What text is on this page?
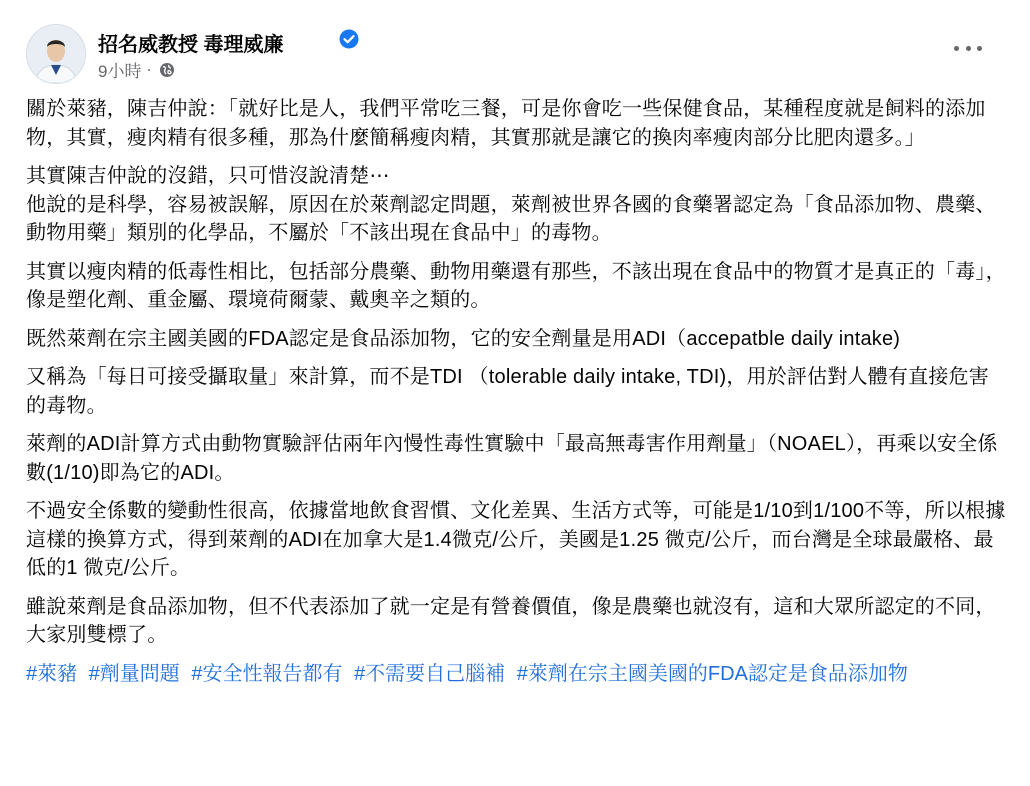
招名威教授 毒理威廉
9小時 ·

關於萊豬，陳吉仲說：「就好比是人，我們平常吃三餐，可是你會吃一些保健食品，某種程度就是飼料的添加物，其實，瘦肉精有很多種，那為什麼簡稱瘦肉精，其實那就是讓它的換肉率瘦肉部分比肥肉還多。」

其實陳吉仲說的沒錯，只可惜沒說清楚⋯
他說的是科學，容易被誤解，原因在於萊劑認定問題，萊劑被世界各國的食藥署認定為「食品添加物、農藥、動物用藥」類別的化學品，不屬於「不該出現在食品中」的毒物。

其實以瘦肉精的低毒性相比，包括部分農藥、動物用藥還有那些，不該出現在食品中的物質才是真正的「毒」，像是塑化劑、重金屬、環境荷爾蒙、戴奧辛之類的。

既然萊劑在宗主國美國的FDA認定是食品添加物，它的安全劑量是用ADI（accepatble daily intake)

又稱為「每日可接受攝取量」來計算，而不是TDI （tolerable daily intake, TDI)，用於評估對人體有直接危害的毒物。

萊劑的ADI計算方式由動物實驗評估兩年內慢性毒性實驗中「最高無毒害作用劑量」（NOAEL），再乘以安全係數(1/10)即為它的ADI。

不過安全係數的變動性很高，依據當地飲食習慣、文化差異、生活方式等，可能是1/10到1/100不等，所以根據這樣的換算方式，得到萊劑的ADI在加拿大是1.4微克/公斤，美國是1.25 微克/公斤，而台灣是全球最嚴格、最低的1 微克/公斤。

雖說萊劑是食品添加物，但不代表添加了就一定是有營養價值，像是農藥也就沒有，這和大眾所認定的不同，大家別雙標了。

#萊豬 #劑量問題 #安全性報告都有 #不需要自己腦補 #萊劑在宗主國美國的FDA認定是食品添加物
